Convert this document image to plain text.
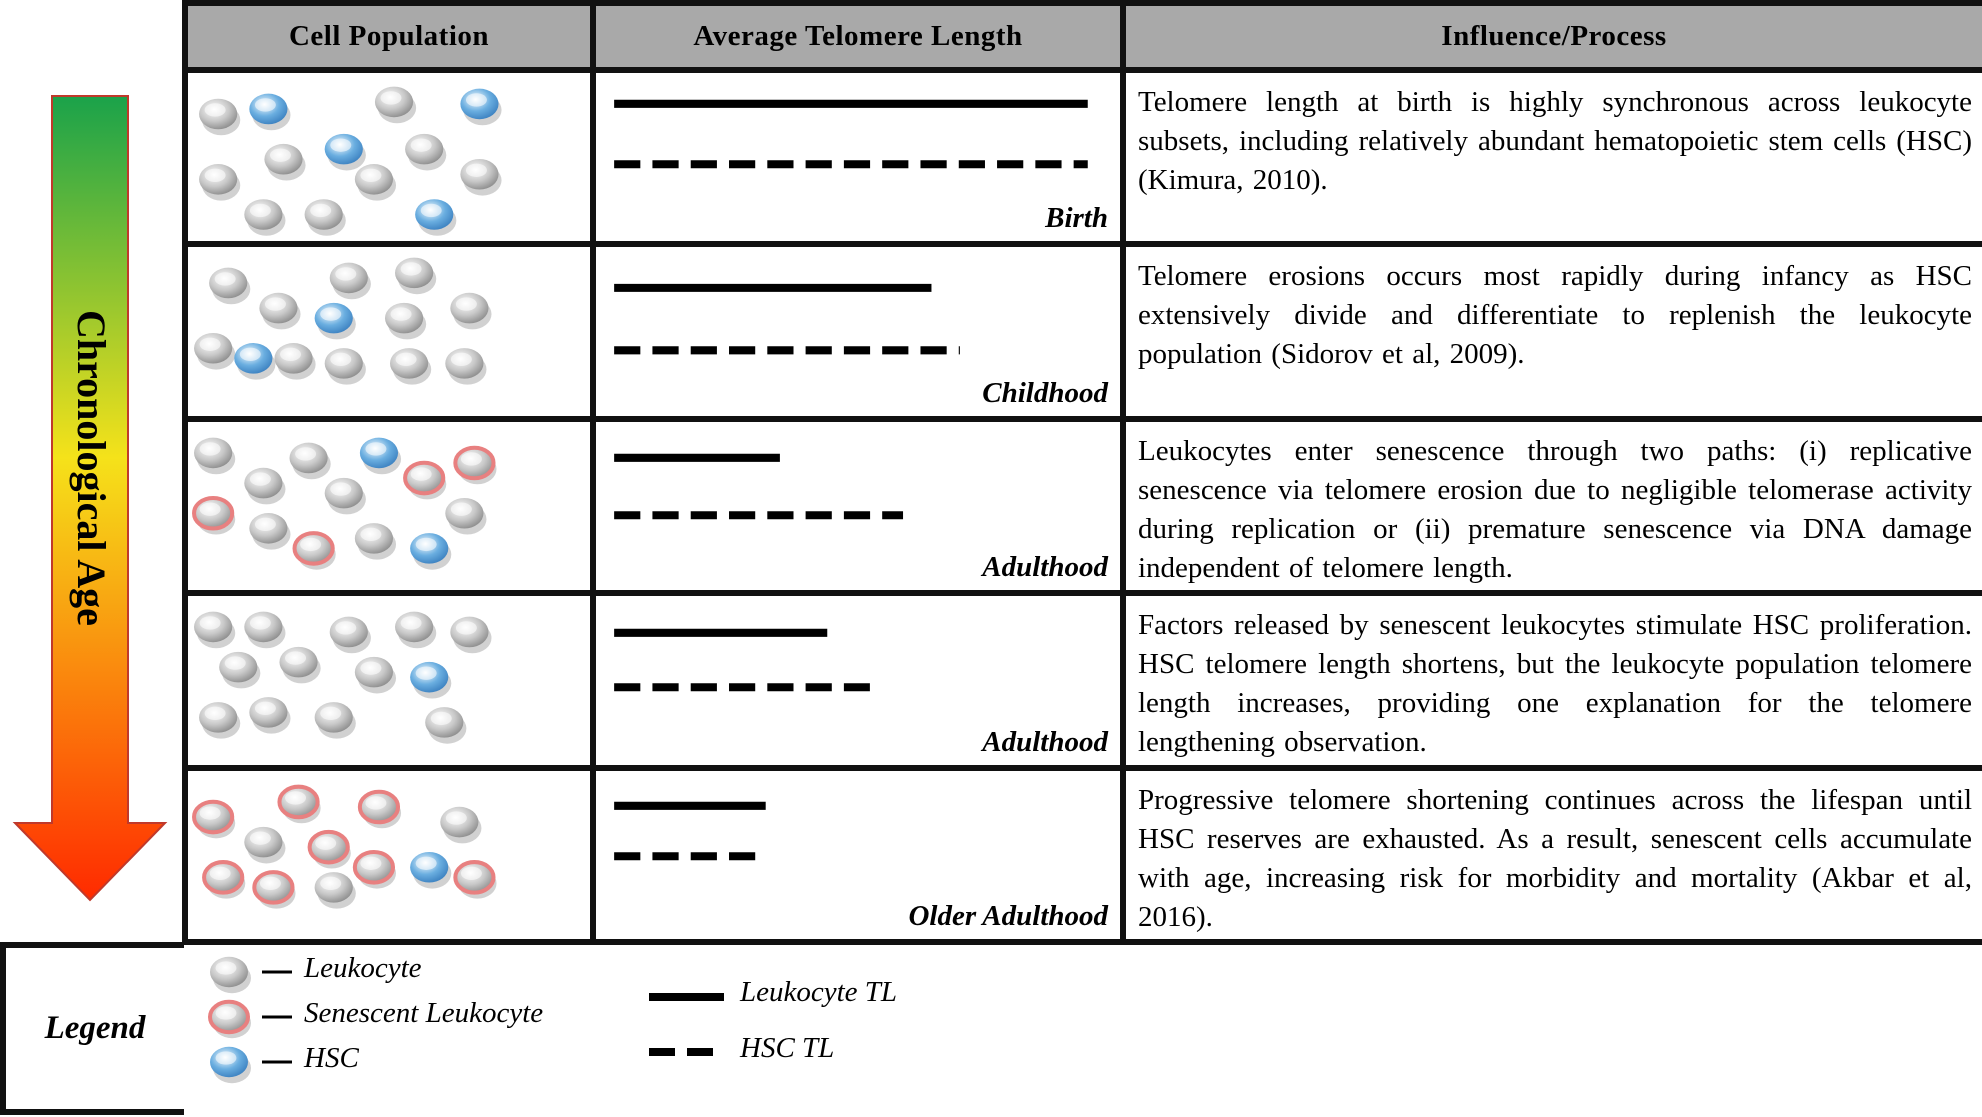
Chronological Age
Cell Population	Average Telomere Length	Influence/Process

Birth	Telomere length at birth is highly synchronous across leukocyte subsets, including relatively abundant hematopoietic stem cells (HSC) (Kimura, 2010).

Childhood	Telomere erosions occurs most rapidly during infancy as HSC extensively divide and differentiate to replenish the leukocyte population (Sidorov et al, 2009).

Adulthood	Leukocytes enter senescence through two paths: (i) replicative senescence via telomere erosion due to negligible telomerase activity during replication or (ii) premature senescence via DNA damage independent of telomere length.

Adulthood	Factors released by senescent leukocytes stimulate HSC proliferation. HSC telomere length shortens, but the leukocyte population telomere length increases, providing one explanation for the telomere lengthening observation.

Older Adulthood	Progressive telomere shortening continues across the lifespan until HSC reserves are exhausted. As a result, senescent cells accumulate with age, increasing risk for morbidity and mortality (Akbar et al, 2016).
Legend
Leukocyte
Senescent Leukocyte
HSC
Leukocyte TL
HSC TL
